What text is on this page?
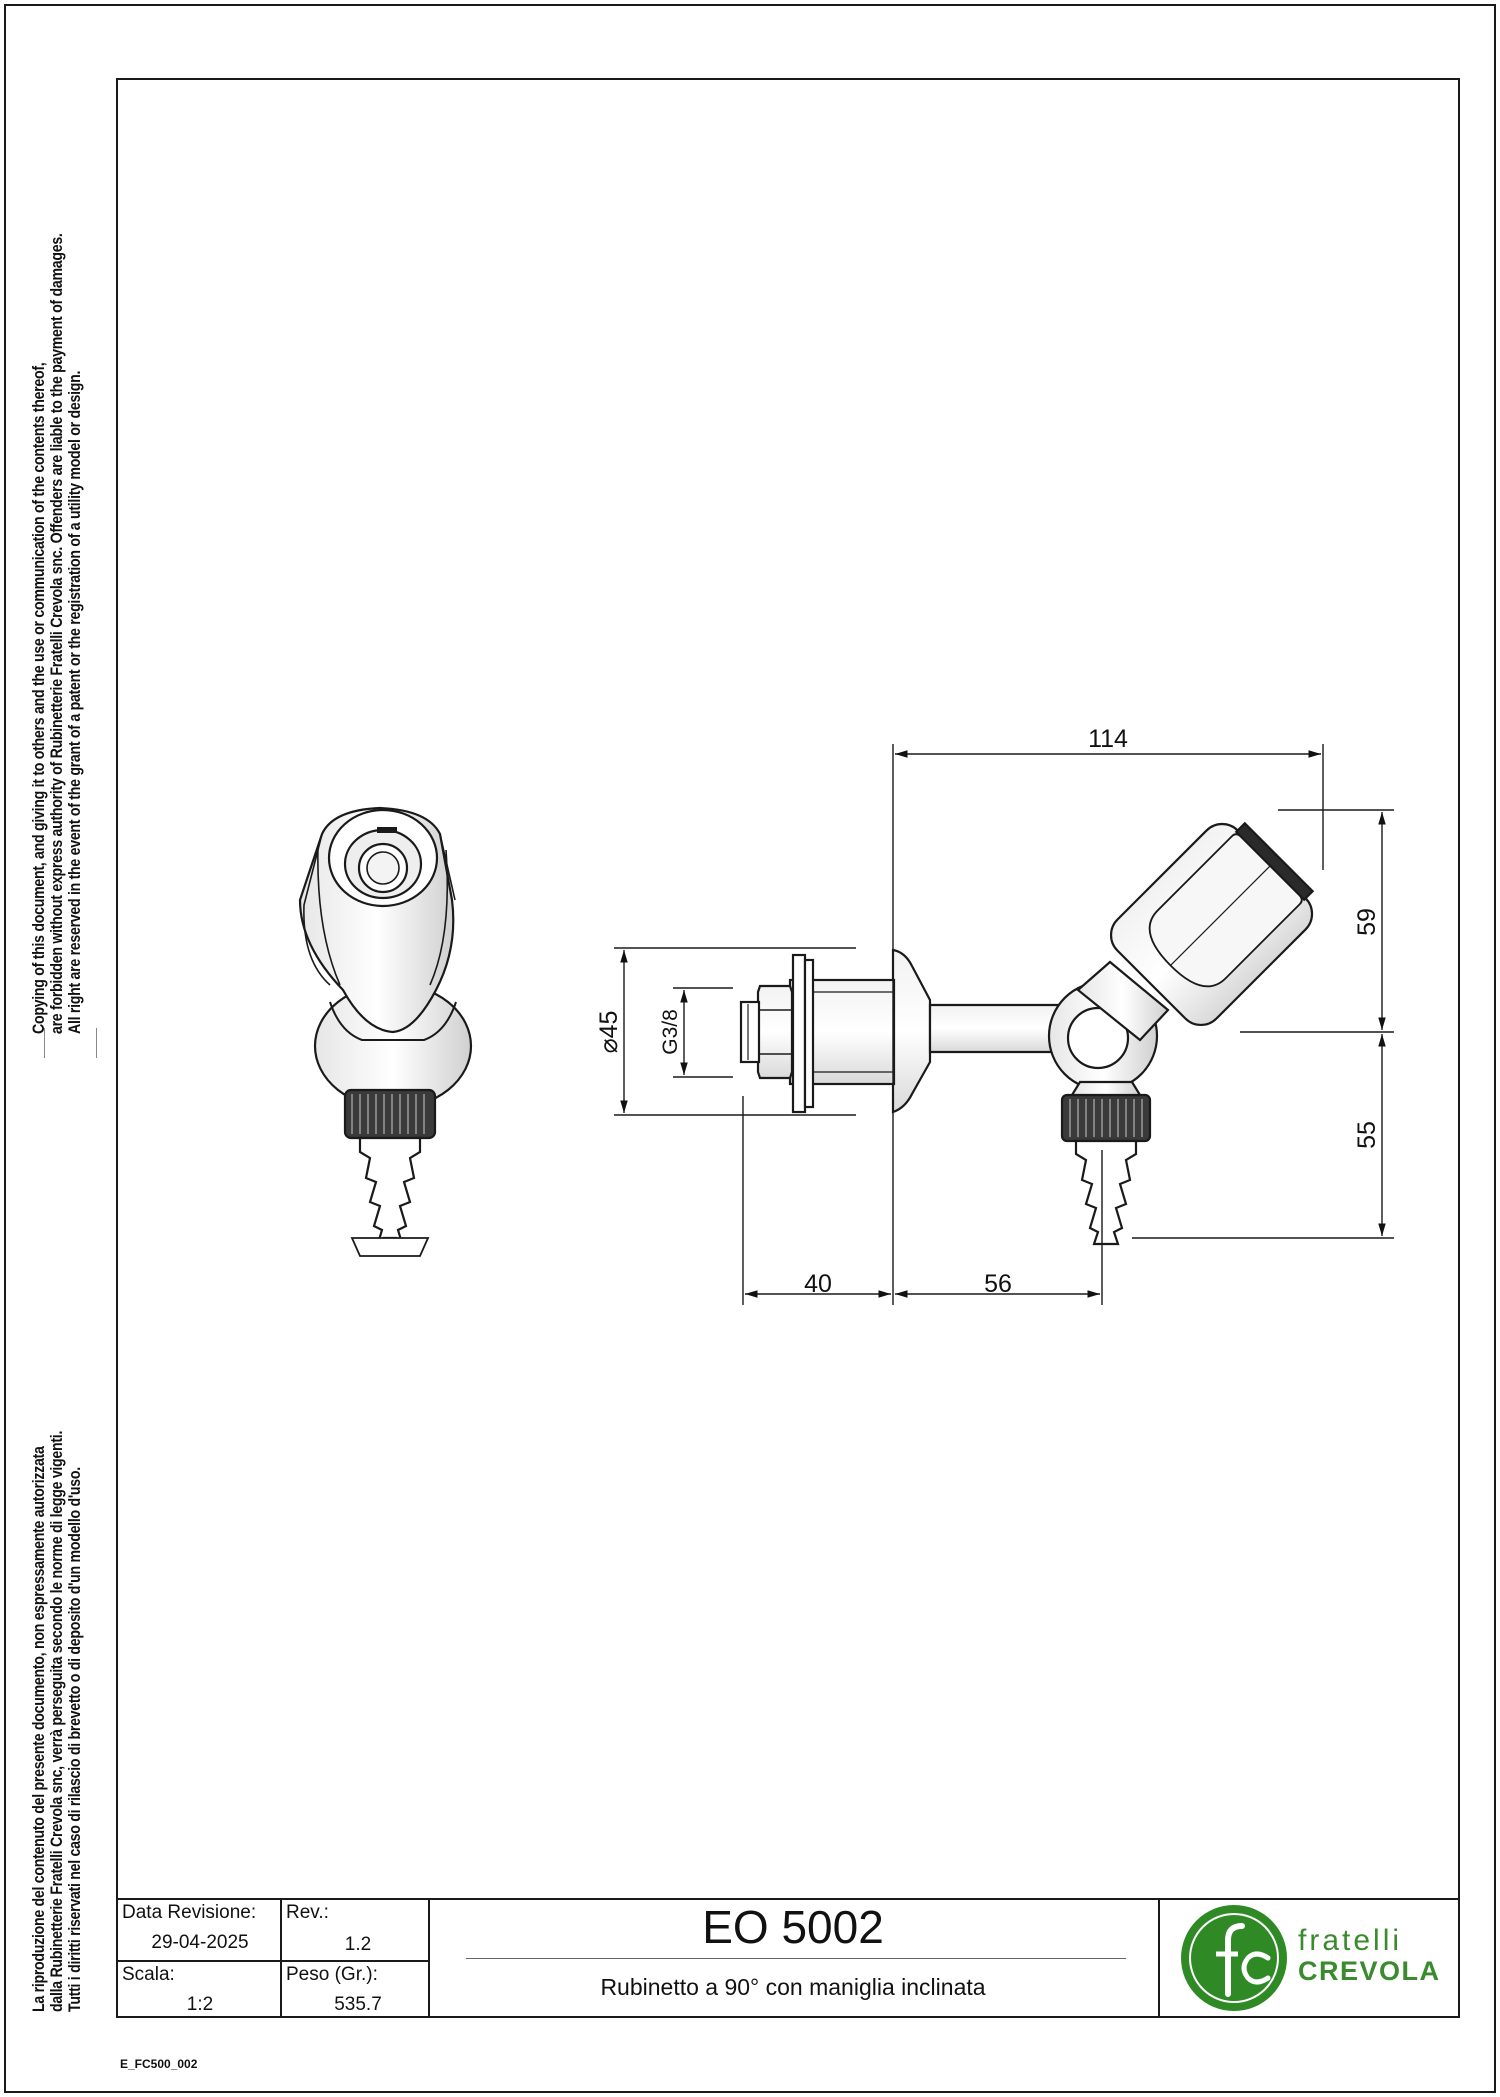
Copying of this document, and giving it to others and the use or communication of the contents thereof, are forbidden without express authority of Rubinetterie Fratelli Crevola snc. Offenders are liable to the payment of damages. All right are reserved in the event of the grant of a patent or the registration of a utility model or design.
La riproduzione del contenuto del presente documento, non espressamente autorizzata dalla Rubinetterie Fratelli Crevola snc, verrà perseguita secondo le norme di legge vigenti. Tutti i diritti riservati nel caso di rilascio di brevetto o di deposito d'un modello d'uso.
114
59
55
⌀45 G3/8
40	56
Data Revisione:
29-04-2025
Rev.:
1.2
Scala:
1:2
Peso (Gr.):
535.7
EO 5002
Rubinetto a 90° con maniglia inclinata
fratelli
CREVOLA
E_FC500_002
